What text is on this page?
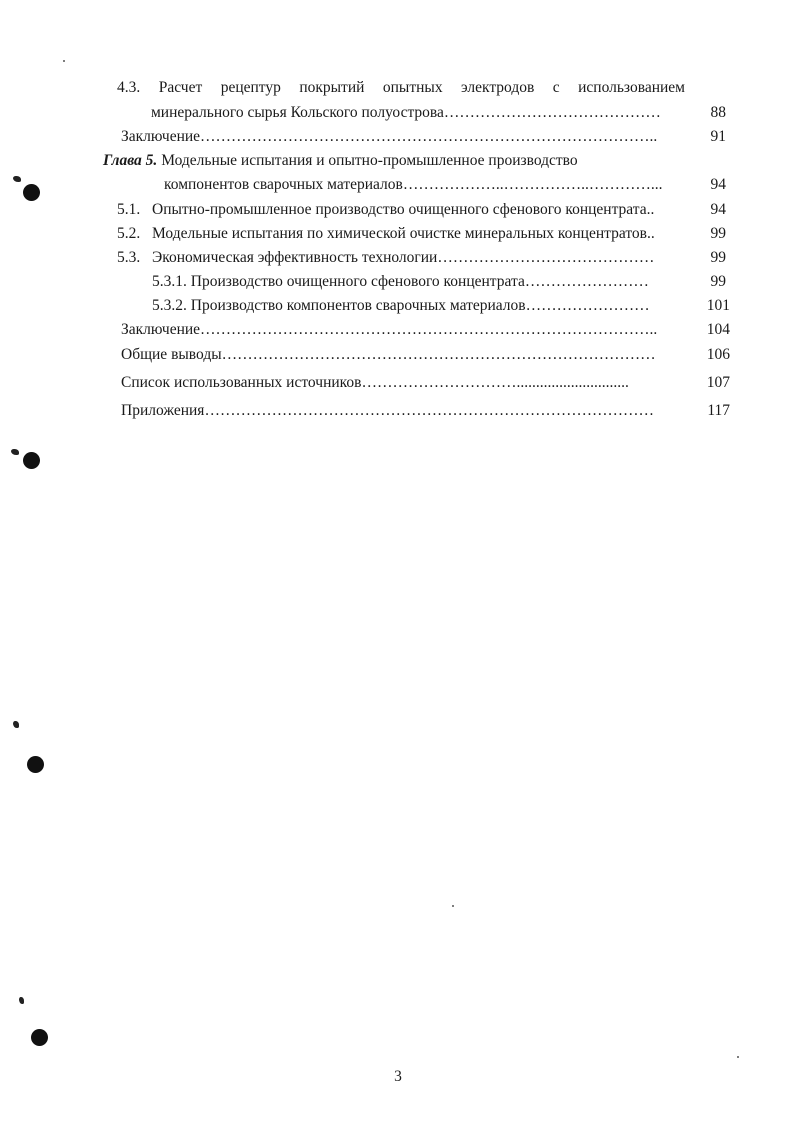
4.3. Расчет рецептур покрытий опытных электродов с использованием
минерального сырья Кольского полуострова……………………………………	88
Заключение……………………………………………………………………………..	91
Глава 5. Модельные испытания и опытно-промышленное производство
компонентов сварочных материалов………………..……………..…………...	94
5.1. Опытно-промышленное производство очищенного сфенового концентрата..	94
5.2. Модельные испытания по химической очистке минеральных концентратов..	99
5.3. Экономическая эффективность технологии……………………………………	99
5.3.1. Производство очищенного сфенового концентрата……………………	99
5.3.2. Производство компонентов сварочных материалов……………………	101
Заключение……………………………………………………………………………..	104
Общие выводы…………………………………………………………………………	106
Список использованных источников………………………….............................	107
Приложения……………………………………………………………………………	117
3
